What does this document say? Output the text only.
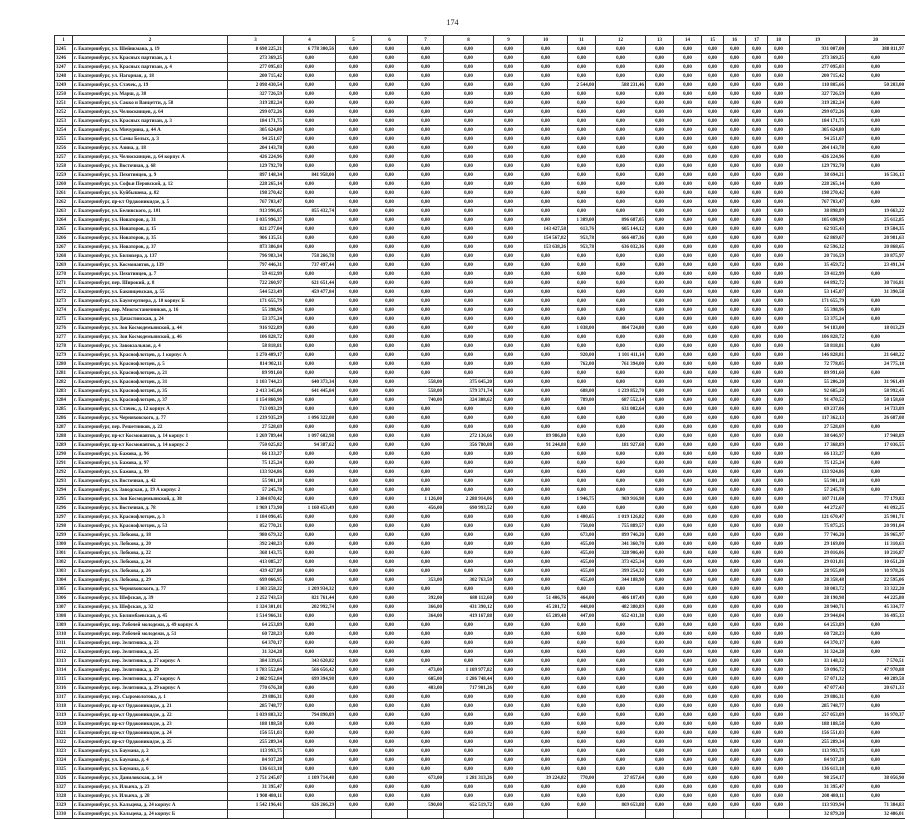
174
1	2	3	4	5	6	7	8	9	10	11	12	13	14	15	16	17	18	19	20
3245	г. Екатеринбург, ул. Шейнкмана, д. 19	8 698 225,21	6 778 300,56	0,00	0,00	0,00	0,00	0,00	0,00	0,00	0,00	0,00	0,00	0,00	0,00	0,00	0,00	931 007,00	388 811,97
3246	г. Екатеринбург, ул. Красных партизан, д. 1	273 369,25	0,00	0,00	0,00	0,00	0,00	0,00	0,00	0,00	0,00	0,00	0,00	0,00	0,00	0,00	0,00	273 369,25	0,00
3247	г. Екатеринбург, ул. Красных партизан, д. 4	277 095,03	0,00	0,00	0,00	0,00	0,00	0,00	0,00	0,00	0,00	0,00	0,00	0,00	0,00	0,00	0,00	277 095,03	0,00
3248	г. Екатеринбург, ул. Нагорная, д. 18	200 715,42	0,00	0,00	0,00	0,00	0,00	0,00	0,00	0,00	0,00	0,00	0,00	0,00	0,00	0,00	0,00	200 715,42	0,00
3249	г. Екатеринбург, ул. Стачек, д. 19	2 098 430,54	0,00	0,00	0,00	0,00	0,00	0,00	0,00	2 544,00	588 231,46	0,00	0,00	0,00	0,00	0,00	0,00	110 805,66	50 203,00
3250	г. Екатеринбург, ул. Марш, д. 38	327 726,59	0,00	0,00	0,00	0,00	0,00	0,00	0,00	0,00	0,00	0,00	0,00	0,00	0,00	0,00	0,00	327 726,59	0,00
3251	г. Екатеринбург, ул. Сакко и Ванцетти, д. 58	319 282,24	0,00	0,00	0,00	0,00	0,00	0,00	0,00	0,00	0,00	0,00	0,00	0,00	0,00	0,00	0,00	319 282,24	0,00
3252	г. Екатеринбург, ул. Челюскинцев, д. 64	299 072,26	0,00	0,00	0,00	0,00	0,00	0,00	0,00	0,00	0,00	0,00	0,00	0,00	0,00	0,00	0,00	299 072,26	0,00
3253	г. Екатеринбург, ул. Красных партизан, д. 3	184 171,75	0,00	0,00	0,00	0,00	0,00	0,00	0,00	0,00	0,00	0,00	0,00	0,00	0,00	0,00	0,00	184 171,75	0,00
3254	г. Екатеринбург, ул. Мичурина, д. 44 А	305 624,80	0,00	0,00	0,00	0,00	0,00	0,00	0,00	0,00	0,00	0,00	0,00	0,00	0,00	0,00	0,00	305 624,80	0,00
3255	г. Екатеринбург, ул. Самы Белых, д. 3	94 251,67	0,00	0,00	0,00	0,00	0,00	0,00	0,00	0,00	0,00	0,00	0,00	0,00	0,00	0,00	0,00	94 251,67	0,00
3256	г. Екатеринбург, ул. Азина, д. 18	204 143,78	0,00	0,00	0,00	0,00	0,00	0,00	0,00	0,00	0,00	0,00	0,00	0,00	0,00	0,00	0,00	204 143,78	0,00
3257	г. Екатеринбург, ул. Челюскинцев, д. 64 корпус А	426 224,96	0,00	0,00	0,00	0,00	0,00	0,00	0,00	0,00	0,00	0,00	0,00	0,00	0,00	0,00	0,00	426 224,96	0,00
3258	г. Екатеринбург, ул. Восточная, д. 68	129 792,70	0,00	0,00	0,00	0,00	0,00	0,00	0,00	0,00	0,00	0,00	0,00	0,00	0,00	0,00	0,00	129 792,70	0,00
3259	г. Екатеринбург, ул. Пехотинцев, д. 9	897 148,34	841 958,00	0,00	0,00	0,00	0,00	0,00	0,00	0,00	0,00	0,00	0,00	0,00	0,00	0,00	0,00	38 694,21	16 536,13
3260	г. Екатеринбург, ул. Софьи Перовской, д. 12	228 265,14	0,00	0,00	0,00	0,00	0,00	0,00	0,00	0,00	0,00	0,00	0,00	0,00	0,00	0,00	0,00	228 265,14	0,00
3261	г. Екатеринбург, ул. Куйбышева, д. 82	198 270,42	0,00	0,00	0,00	0,00	0,00	0,00	0,00	0,00	0,00	0,00	0,00	0,00	0,00	0,00	0,00	198 270,42	0,00
3262	г. Екатеринбург, пр-кт Орджоникидзе, д. 5	767 703,47	0,00	0,00	0,00	0,00	0,00	0,00	0,00	0,00	0,00	0,00	0,00	0,00	0,00	0,00	0,00	767 703,47	0,00
3263	г. Екатеринбург, ул. Белинского, д. 101	913 996,05	855 432,74	0,00	0,00	0,00	0,00	0,00	0,00	0,00	0,00	0,00	0,00	0,00	0,00	0,00	0,00	38 898,89	19 663,22
3264	г. Екатеринбург, ул. Новаторов, д. 31	1 035 996,37	0,00	0,00	0,00	0,00	0,00	0,00	0,00	1 309,00	896 687,05	0,00	0,00	0,00	0,00	0,00	0,00	105 698,90	25 612,85
3265	г. Екатеринбург, ул. Новаторов, д. 15	821 277,04	0,00	0,00	0,00	0,00	0,00	0,00	143 427,58	613,76	605 144,12	0,00	0,00	0,00	0,00	0,00	0,00	62 935,43	19 584,35
3266	г. Екатеринбург, ул. Новаторов, д. 35	906 135,51	0,00	0,00	0,00	0,00	0,00	0,00	154 567,82	953,78	666 487,36	0,00	0,00	0,00	0,00	0,00	0,00	62 869,67	20 981,63
3267	г. Екатеринбург, ул. Новаторов, д. 37	873 386,84	0,00	0,00	0,00	0,00	0,00	0,00	153 638,26	953,78	636 032,36	0,00	0,00	0,00	0,00	0,00	0,00	62 596,32	20 868,65
3268	г. Екатеринбург, ул. Билюхера, д. 137	796 983,34	758 266,78	0,00	0,00	0,00	0,00	0,00	0,00	0,00	0,00	0,00	0,00	0,00	0,00	0,00	0,00	20 716,59	20 875,97
3269	г. Екатеринбург, ул. Космонавтов, д. 139	797 446,31	737 497,44	0,00	0,00	0,00	0,00	0,00	0,00	0,00	0,00	0,00	0,00	0,00	0,00	0,00	0,00	35 459,72	23 491,34
3270	г. Екатеринбург, ул. Пехотинцев, д. 7	59 412,99	0,00	0,00	0,00	0,00	0,00	0,00	0,00	0,00	0,00	0,00	0,00	0,00	0,00	0,00	0,00	59 412,99	0,00
3271	г. Екатеринбург, пер. Широкий, д. 8	722 260,97	621 651,44	0,00	0,00	0,00	0,00	0,00	0,00	0,00	0,00	0,00	0,00	0,00	0,00	0,00	0,00	64 892,72	30 716,81
3272	г. Екатеринбург, ул. Бакинцевская, д. 55	544 523,49	459 477,84	0,00	0,00	0,00	0,00	0,00	0,00	0,00	0,00	0,00	0,00	0,00	0,00	0,00	0,00	53 145,07	31 390,58
3273	г. Екатеринбург, ул. Баумгертнера, д. 10 корпус Б	171 655,79	0,00	0,00	0,00	0,00	0,00	0,00	0,00	0,00	0,00	0,00	0,00	0,00	0,00	0,00	0,00	171 655,79	0,00
3274	г. Екатеринбург, пер. Многостаночников, д. 16	55 398,96	0,00	0,00	0,00	0,00	0,00	0,00	0,00	0,00	0,00	0,00	0,00	0,00	0,00	0,00	0,00	55 398,96	0,00
3275	г. Екатеринбург, ул. Дачастинская, д. 24	53 375,24	0,00	0,00	0,00	0,00	0,00	0,00	0,00	0,00	0,00	0,00	0,00	0,00	0,00	0,00	0,00	53 375,24	0,00
3276	г. Екатеринбург, ул. Зои Космодемьянской, д. 44	916 922,89	0,00	0,00	0,00	0,00	0,00	0,00	0,00	1 038,00	804 724,80	0,00	0,00	0,00	0,00	0,00	0,00	94 183,00	18 013,29
3277	г. Екатеринбург, ул. Зои Космодемьянской, д. 46	106 828,72	0,00	0,00	0,00	0,00	0,00	0,00	0,00	0,00	0,00	0,00	0,00	0,00	0,00	0,00	0,00	106 828,72	0,00
3278	г. Екатеринбург, ул. Завокзальная, д. 4	58 818,81	0,00	0,00	0,00	0,00	0,00	0,00	0,00	0,00	0,00	0,00	0,00	0,00	0,00	0,00	0,00	58 818,81	0,00
3279	г. Екатеринбург, ул. Краснофлотцев, д. 1 корпус А	1 270 409,17	0,00	0,00	0,00	0,00	0,00	0,00	0,00	920,00	1 101 411,14	0,00	0,00	0,00	0,00	0,00	0,00	146 828,81	21 648,22
3280	г. Екатеринбург, ул. Краснофлотцев, д. 5	814 902,11	0,00	0,00	0,00	0,00	0,00	0,00	0,00	762,00	761 394,00	0,00	0,00	0,00	0,00	0,00	0,00	72 778,05	24 775,18
3281	г. Екатеринбург, ул. Краснофлотцев, д. 21	89 991,60	0,00	0,00	0,00	0,00	0,00	0,00	0,00	0,00	0,00	0,00	0,00	0,00	0,00	0,00	0,00	89 991,60	0,00
3282	г. Екатеринбург, ул. Краснофлотцев, д. 31	1 103 744,23	640 373,34	0,00	0,00	558,00	375 645,20	0,00	0,00	0,00	0,00	0,00	0,00	0,00	0,00	0,00	0,00	55 206,20	31 961,49
3283	г. Екатеринбург, ул. Краснофлотцев, д. 35	2 413 345,06	641 445,84	0,00	0,00	558,00	579 371,74	0,00	0,00	688,00	1 239 852,70	0,00	0,00	0,00	0,00	0,00	0,00	92 685,20	58 992,45
3284	г. Екатеринбург, ул. Краснофлотцев, д. 37	1 154 860,90	0,00	0,00	0,00	740,00	324 308,62	0,00	0,00	789,00	687 552,14	0,00	0,00	0,00	0,00	0,00	0,00	91 470,52	50 158,60
3285	г. Екатеринбург, ул. Стачек, д. 12 корпус А	713 093,29	0,00	0,00	0,00	0,00	0,00	0,00	0,00	0,00	631 082,64	0,00	0,00	0,00	0,00	0,00	0,00	69 237,06	14 733,09
3286	г. Екатеринбург, ул. Черняховского, д. 77	1 239 935,29	1 096 322,08	0,00	0,00	0,00	0,00	0,00	0,00	0,00	0,00	0,00	0,00	0,00	0,00	0,00	0,00	117 362,13	26 687,08
3287	г. Екатеринбург, пер. Решетников, д. 22	27 528,69	0,00	0,00	0,00	0,00	0,00	0,00	0,00	0,00	0,00	0,00	0,00	0,00	0,00	0,00	0,00	27 528,69	0,00
3288	г. Екатеринбург, пр-кт Космонавтов, д. 14 корпус 1	1 269 789,44	1 097 602,98	0,00	0,00	0,00	272 136,66	0,00	89 986,80	0,00	0,00	0,00	0,00	0,00	0,00	0,00	0,00	38 646,97	17 948,89
3289	г. Екатеринбург, пр-кт Космонавтов, д. 14 корпус 2	750 025,82	94 387,62	0,00	0,00	0,00	356 780,08	0,00	91 244,88	0,00	181 927,68	0,00	0,00	0,00	0,00	0,00	0,00	17 368,89	17 036,55
3290	г. Екатеринбург, ул. Бажова, д. 96	66 133,27	0,00	0,00	0,00	0,00	0,00	0,00	0,00	0,00	0,00	0,00	0,00	0,00	0,00	0,00	0,00	66 133,27	0,00
3291	г. Екатеринбург, ул. Бажова, д. 97	75 125,24	0,00	0,00	0,00	0,00	0,00	0,00	0,00	0,00	0,00	0,00	0,00	0,00	0,00	0,00	0,00	75 125,24	0,00
3292	г. Екатеринбург, ул. Бажова, д. 99	133 924,86	0,00	0,00	0,00	0,00	0,00	0,00	0,00	0,00	0,00	0,00	0,00	0,00	0,00	0,00	0,00	133 924,86	0,00
3293	г. Екатеринбург, ул. Восточная, д. 42	55 901,18	0,00	0,00	0,00	0,00	0,00	0,00	0,00	0,00	0,00	0,00	0,00	0,00	0,00	0,00	0,00	55 901,18	0,00
3294	г. Екатеринбург, ул. Заводская, д. 19 А корпус 2	57 245,78	0,00	0,00	0,00	0,00	0,00	0,00	0,00	0,00	0,00	0,00	0,00	0,00	0,00	0,00	0,00	57 245,78	0,00
3295	г. Екатеринбург, ул. Зои Космодемьянской, д. 38	3 384 870,42	0,00	0,00	0,00	1 126,00	2 288 914,06	0,00	0,00	1 946,75	969 916,98	0,00	0,00	0,00	0,00	0,00	0,00	107 711,60	77 179,83
3296	г. Екатеринбург, ул. Восточная, д. 78	1 969 173,90	1 160 453,49	0,00	0,00	456,00	690 993,52	0,00	0,00	0,00	0,00	0,00	0,00	0,00	0,00	0,00	0,00	44 272,67	41 092,25
3297	г. Екатеринбург, ул. Краснофлотцев, д. 3	1 184 096,45	0,00	0,00	0,00	0,00	0,00	0,00	0,00	1 480,65	1 019 126,82	0,00	0,00	0,00	0,00	0,00	0,00	121 670,47	25 901,71
3298	г. Екатеринбург, ул. Краснофлотцев, д. 53	852 770,21	0,00	0,00	0,00	0,00	0,00	0,00	0,00	750,00	755 889,57	0,00	0,00	0,00	0,00	0,00	0,00	75 875,25	20 991,04
3299	г. Екатеринбург, ул. Лобкова, д. 18	980 679,32	0,00	0,00	0,00	0,00	0,00	0,00	0,00	673,00	899 746,20	0,00	0,00	0,00	0,00	0,00	0,00	77 746,20	26 965,97
3300	г. Екатеринбург, ул. Лобкова, д. 20	392 248,23	0,00	0,00	0,00	0,00	0,00	0,00	0,00	455,00	341 360,70	0,00	0,00	0,00	0,00	0,00	0,00	29 169,00	11 310,63
3301	г. Екатеринбург, ул. Лобкова, д. 22	368 143,75	0,00	0,00	0,00	0,00	0,00	0,00	0,00	455,00	328 906,40	0,00	0,00	0,00	0,00	0,00	0,00	29 016,06	10 216,87
3302	г. Екатеринбург, ул. Лобкова, д. 24	413 085,27	0,00	0,00	0,00	0,00	0,00	0,00	0,00	455,00	373 425,34	0,00	0,00	0,00	0,00	0,00	0,00	29 031,81	10 651,20
3303	г. Екатеринбург, ул. Лобкова, д. 26	439 427,80	0,00	0,00	0,00	0,00	0,00	0,00	0,00	455,00	399 254,32	0,00	0,00	0,00	0,00	0,00	0,00	28 955,00	10 978,26
3304	г. Екатеринбург, ул. Лобкова, д. 29	699 066,95	0,00	0,00	0,00	353,00	302 763,50	0,00	0,00	455,00	344 188,90	0,00	0,00	0,00	0,00	0,00	0,00	28 358,48	22 595,06
3305	г. Екатеринбург, ул. Черняховского, д. 77	1 303 258,22	1 209 934,32	0,00	0,00	0,00	0,00	0,00	0,00	0,00	0,00	0,00	0,00	0,00	0,00	0,00	0,00	38 003,72	33 322,20
3306	г. Екатеринбург, ул. Шефская, д. 39	2 252 743,53	821 761,44	0,00	0,00	392,00	680 112,60	0,00	51 406,76	464,00	406 107,49	0,00	0,00	0,00	0,00	0,00	0,00	28 190,98	44 225,80
3307	г. Екатеринбург, ул. Шефская, д. 32	1 324 301,01	202 992,74	0,00	0,00	366,00	431 390,12	0,00	45 201,72	448,00	482 380,89	0,00	0,00	0,00	0,00	0,00	0,00	28 940,71	45 334,77
3308	г. Екатеринбург, ул. Билимбаевская, д. 45	1 514 966,31	0,00	0,00	0,00	364,00	419 167,88	0,00	65 209,48	447,00	652 431,38	0,00	0,00	0,00	0,00	0,00	0,00	29 944,04	36 495,33
3309	г. Екатеринбург, пер. Рабочей молодежи, д. 49 корпус А	64 253,89	0,00	0,00	0,00	0,00	0,00	0,00	0,00	0,00	0,00	0,00	0,00	0,00	0,00	0,00	0,00	64 253,89	0,00
3310	г. Екатеринбург, пер. Рабочей молодежи, д. 51	60 728,23	0,00	0,00	0,00	0,00	0,00	0,00	0,00	0,00	0,00	0,00	0,00	0,00	0,00	0,00	0,00	60 728,23	0,00
3311	г. Екатеринбург, пер. Зелитника, д. 23	64 370,17	0,00	0,00	0,00	0,00	0,00	0,00	0,00	0,00	0,00	0,00	0,00	0,00	0,00	0,00	0,00	64 370,17	0,00
3312	г. Екатеринбург, пер. Зелитника, д. 25	31 324,28	0,00	0,00	0,00	0,00	0,00	0,00	0,00	0,00	0,00	0,00	0,00	0,00	0,00	0,00	0,00	31 324,28	0,00
3313	г. Екатеринбург, пер. Зелитника, д. 27 корпус А	384 339,65	343 620,82	0,00	0,00	0,00	0,00	0,00	0,00	0,00	0,00	0,00	0,00	0,00	0,00	0,00	0,00	33 148,32	7 570,51
3314	г. Екатеринбург, пер. Зелитника, д. 29	1 783 552,84	566 656,42	0,00	0,00	473,00	1 109 977,82	0,00	0,00	0,00	0,00	0,00	0,00	0,00	0,00	0,00	0,00	59 096,72	47 970,88
3315	г. Екатеринбург, пер. Зелитника, д. 27 корпус А	2 082 952,84	699 394,98	0,00	0,00	605,00	1 286 748,44	0,00	0,00	0,00	0,00	0,00	0,00	0,00	0,00	0,00	0,00	57 071,32	40 289,58
3316	г. Екатеринбург, пер. Зелитника, д. 29 корпус А	770 676,38	0,00	0,00	0,00	403,00	717 901,26	0,00	0,00	0,00	0,00	0,00	0,00	0,00	0,00	0,00	0,00	47 077,43	20 671,33
3317	г. Екатеринбург, пер. Сыромолотова, д. 1	29 886,31	0,00	0,00	0,00	0,00	0,00	0,00	0,00	0,00	0,00	0,00	0,00	0,00	0,00	0,00	0,00	29 886,31	0,00
3318	г. Екатеринбург, пр-кт Орджоникидзе, д. 21	285 748,77	0,00	0,00	0,00	0,00	0,00	0,00	0,00	0,00	0,00	0,00	0,00	0,00	0,00	0,00	0,00	285 748,77	0,00
3319	г. Екатеринбург, пр-кт Орджоникидзе, д. 22	1 039 803,32	794 890,09	0,00	0,00	0,00	0,00	0,00	0,00	0,00	0,00	0,00	0,00	0,00	0,00	0,00	0,00	257 053,09	16 970,37
3320	г. Екатеринбург, пр-кт Орджоникидзе, д. 23	188 188,58	0,00	0,00	0,00	0,00	0,00	0,00	0,00	0,00	0,00	0,00	0,00	0,00	0,00	0,00	0,00	188 188,58	0,00
3321	г. Екатеринбург, пр-кт Орджоникидзе, д. 24	156 551,03	0,00	0,00	0,00	0,00	0,00	0,00	0,00	0,00	0,00	0,00	0,00	0,00	0,00	0,00	0,00	156 551,03	0,00
3322	г. Екатеринбург, пр-кт Орджоникидзе, д. 25	255 289,34	0,00	0,00	0,00	0,00	0,00	0,00	0,00	0,00	0,00	0,00	0,00	0,00	0,00	0,00	0,00	255 289,34	0,00
3323	г. Екатеринбург, ул. Баумана, д. 2	113 993,75	0,00	0,00	0,00	0,00	0,00	0,00	0,00	0,00	0,00	0,00	0,00	0,00	0,00	0,00	0,00	113 993,75	0,00
3324	г. Екатеринбург, ул. Баумана, д. 4	84 937,28	0,00	0,00	0,00	0,00	0,00	0,00	0,00	0,00	0,00	0,00	0,00	0,00	0,00	0,00	0,00	84 937,28	0,00
3325	г. Екатеринбург, ул. Баумана, д. 6	136 613,18	0,00	0,00	0,00	0,00	0,00	0,00	0,00	0,00	0,00	0,00	0,00	0,00	0,00	0,00	0,00	136 613,18	0,00
3326	г. Екатеринбург, ул. Даниловская, д. 14	2 751 245,07	1 109 714,48	0,00	0,00	673,00	1 281 313,26	0,00	39 224,82	770,00	27 857,64	0,00	0,00	0,00	0,00	0,00	0,00	98 254,17	38 056,90
3327	г. Екатеринбург, ул. Ильича, д. 23	31 395,47	0,00	0,00	0,00	0,00	0,00	0,00	0,00	0,00	0,00	0,00	0,00	0,00	0,00	0,00	0,00	31 395,47	0,00
3328	г. Екатеринбург, ул. Ильича, д. 28	1 908 480,11	0,00	0,00	0,00	0,00	0,00	0,00	0,00	0,00	0,00	0,00	0,00	0,00	0,00	0,00	0,00	208 480,11	0,00
3329	г. Екатеринбург, ул. Кальцева, д. 24 корпус А	1 542 196,41	626 266,29	0,00	0,00	590,00	652 519,72	0,00	0,00	0,00	869 653,88	0,00	0,00	0,00	0,00	0,00	0,00	113 939,94	71 384,83
3330	г. Екатеринбург, ул. Кальцева, д. 24 корпус Б																	32 879,20	32 486,01
